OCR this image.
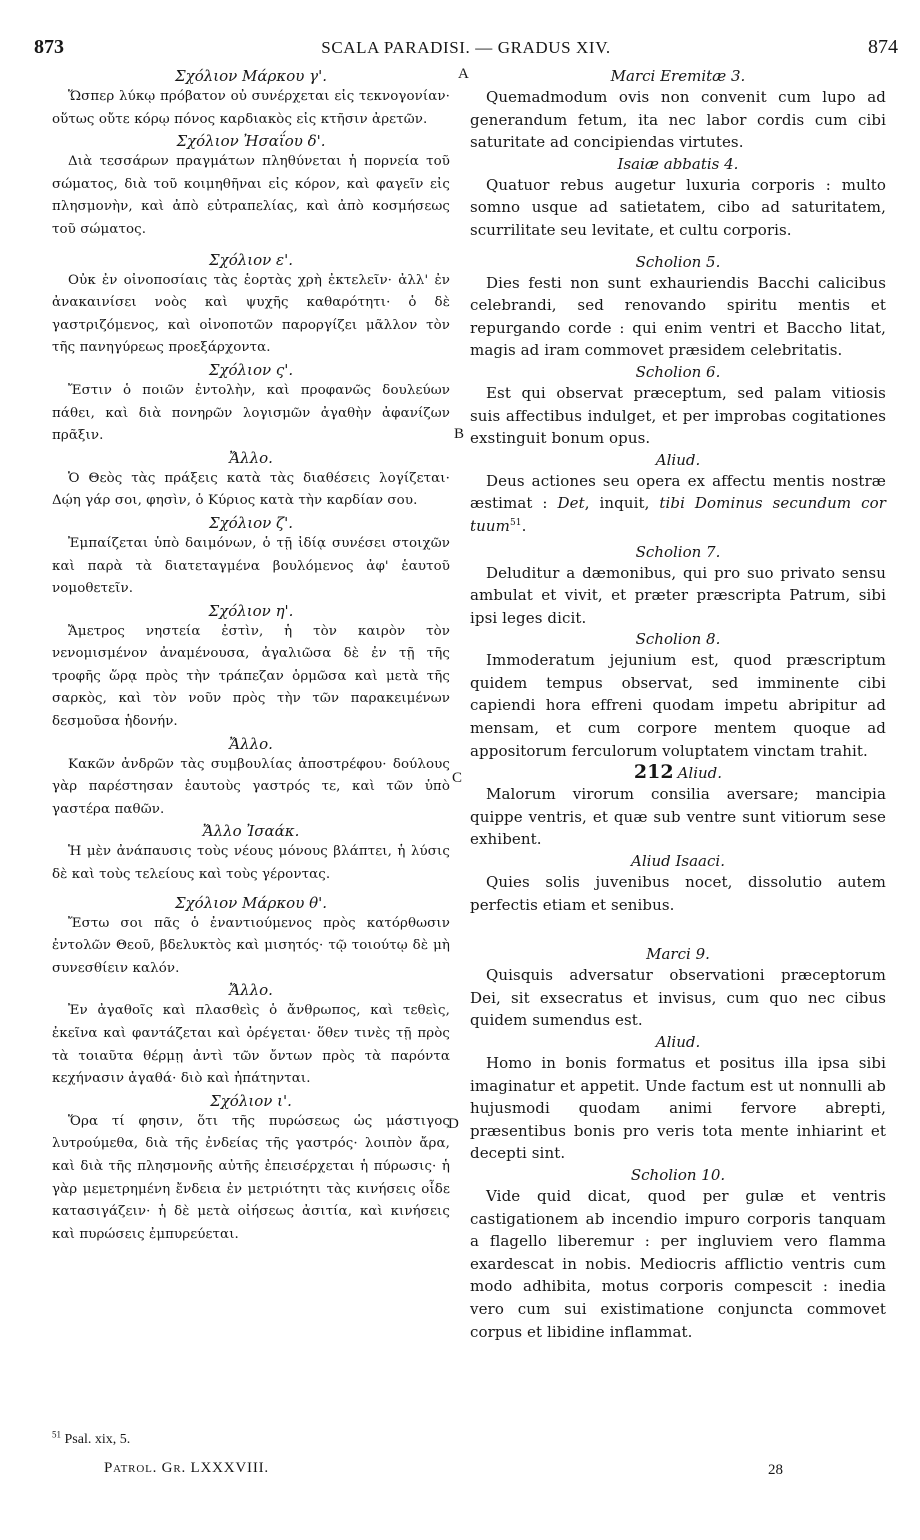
873	SCALA PARADISI. — GRADUS XIV.	874
A
B
C
D

Σχόλιον Μάρκου γ'.

Ὥσπερ λύκῳ πρόβατον οὐ συνέρχεται εἰς τεκνογονίαν· οὕτως οὔτε κόρῳ πόνος καρδιακὸς εἰς κτῆσιν ἀρετῶν.

Σχόλιον Ἠσαΐου δ'.

Διὰ τεσσάρων πραγμάτων πληθύνεται ἡ πορνεία τοῦ σώματος, διὰ τοῦ κοιμηθῆναι εἰς κόρον, καὶ φαγεῖν εἰς πλησμονὴν, καὶ ἀπὸ εὐτραπελίας, καὶ ἀπὸ κοσμήσεως τοῦ σώματος.

Σχόλιον ε'.

Οὐκ ἐν οἰνοποσίαις τὰς ἑορτὰς χρὴ ἐκτελεῖν· ἀλλ' ἐν ἀνακαινίσει νοὸς καὶ ψυχῆς καθαρότητι· ὁ δὲ γαστριζόμενος, καὶ οἰνοποτῶν παροργίζει μᾶλλον τὸν τῆς πανηγύρεως προεξάρχοντα.

Σχόλιον ς'.

Ἔστιν ὁ ποιῶν ἐντολὴν, καὶ προφανῶς δουλεύων πάθει, καὶ διὰ πονηρῶν λογισμῶν ἀγαθὴν ἀφανίζων πρᾶξιν.

Ἄλλο.

Ὁ Θεὸς τὰς πράξεις κατὰ τὰς διαθέσεις λογίζεται· Δῴη γάρ σοι, φησὶν, ὁ Κύριος κατὰ τὴν καρδίαν σου.

Σχόλιον ζ'.

Ἐμπαίζεται ὑπὸ δαιμόνων, ὁ τῇ ἰδίᾳ συνέσει στοιχῶν καὶ παρὰ τὰ διατεταγμένα βουλόμενος ἀφ' ἑαυτοῦ νομοθετεῖν.

Σχόλιον η'.

Ἄμετρος νηστεία ἐστὶν, ἡ τὸν καιρὸν τὸν νενομισμένον ἀναμένουσα, ἀγαλιῶσα δὲ ἐν τῇ τῆς τροφῆς ὥρᾳ πρὸς τὴν τράπεζαν ὁρμῶσα καὶ μετὰ τῆς σαρκὸς, καὶ τὸν νοῦν πρὸς τὴν τῶν παρακειμένων δεσμοῦσα ἡδονήν.

Ἄλλο.

Κακῶν ἀνδρῶν τὰς συμβουλίας ἀποστρέφου· δούλους γὰρ παρέστησαν ἑαυτοὺς γαστρός τε, καὶ τῶν ὑπὸ γαστέρα παθῶν.

Ἄλλο Ἰσαάκ.

Ἡ μὲν ἀνάπαυσις τοὺς νέους μόνους βλάπτει, ἡ λύσις δὲ καὶ τοὺς τελείους καὶ τοὺς γέροντας.

Σχόλιον Μάρκου θ'.

Ἔστω σοι πᾶς ὁ ἐναντιούμενος πρὸς κατόρθωσιν ἐντολῶν Θεοῦ, βδελυκτὸς καὶ μισητός· τῷ τοιούτῳ δὲ μὴ συνεσθίειν καλόν.

Ἄλλο.

Ἐν ἀγαθοῖς καὶ πλασθεὶς ὁ ἄνθρωπος, καὶ τεθεὶς, ἐκεῖνα καὶ φαντάζεται καὶ ὀρέγεται· ὅθεν τινὲς τῇ πρὸς τὰ τοιαῦτα θέρμῃ ἀντὶ τῶν ὄντων πρὸς τὰ παρόντα κεχήνασιν ἀγαθά· διὸ καὶ ἠπάτηνται.

Σχόλιον ι'.

Ὅρα τί φησιν, ὅτι τῆς πυρώσεως ὡς μάστιγος λυτρούμεθα, διὰ τῆς ἐνδείας τῆς γαστρός· λοιπὸν ἄρα, καὶ διὰ τῆς πλησμονῆς αὐτῆς ἐπεισέρχεται ἡ πύρωσις· ἡ γὰρ μεμετρημένη ἔνδεια ἐν μετριότητι τὰς κινήσεις οἶδε κατασιγάζειν· ἡ δὲ μετὰ οἰήσεως ἀσιτία, καὶ κινήσεις καὶ πυρώσεις ἐμπυρεύεται.

Marci Eremitæ 3.

Quemadmodum ovis non convenit cum lupo ad generandum fetum, ita nec labor cordis cum cibi saturitate ad concipiendas virtutes.

Isaiæ abbatis 4.

Quatuor rebus augetur luxuria corporis : multo somno usque ad satietatem, cibo ad saturitatem, scurrilitate seu levitate, et cultu corporis.

Scholion 5.

Dies festi non sunt exhauriendis Bacchi calicibus celebrandi, sed renovando spiritu mentis et repurgando corde : qui enim ventri et Baccho litat, magis ad iram commovet præsidem celebritatis.

Scholion 6.

Est qui observat præceptum, sed palam vitiosis suis affectibus indulget, et per improbas cogitationes exstinguit bonum opus.

Aliud.

Deus actiones seu opera ex affectu mentis nostræ æstimat : Det, inquit, tibi Dominus secundum cor tuum$^{51}$.

Scholion 7.

Deluditur a dæmonibus, qui pro suo privato sensu ambulat et vivit, et præter præscripta Patrum, sibi ipsi leges dicit.

Scholion 8.

Immoderatum jejunium est, quod præscriptum quidem tempus observat, sed imminente cibi capiendi hora effreni quodam impetu abripitur ad mensam, et cum corpore mentem quoque ad appositorum ferculorum voluptatem vinctam trahit.

212 Aliud.

Malorum virorum consilia aversare; mancipia quippe ventris, et quæ sub ventre sunt vitiorum sese exhibent.

Aliud Isaaci.

Quies solis juvenibus nocet, dissolutio autem perfectis etiam et senibus.

Marci 9.

Quisquis adversatur observationi præceptorum Dei, sit exsecratus et invisus, cum quo nec cibus quidem sumendus est.

Aliud.

Homo in bonis formatus et positus illa ipsa sibi imaginatur et appetit. Unde factum est ut nonnulli ab hujusmodi quodam animi fervore abrepti, præsentibus bonis pro veris tota mente inhiarint et decepti sint.

Scholion 10.

Vide quid dicat, quod per gulæ et ventris castigationem ab incendio impuro corporis tanquam a flagello liberemur : per ingluviem vero flamma exardescat in nobis. Mediocris afflictio ventris cum modo adhibita, motus corporis compescit : inedia vero cum sui existimatione conjuncta commovet corpus et libidine inflammat.

$^{51}$ Psal. xix, 5.
Patrol. Gr. LXXXVIII.	28
